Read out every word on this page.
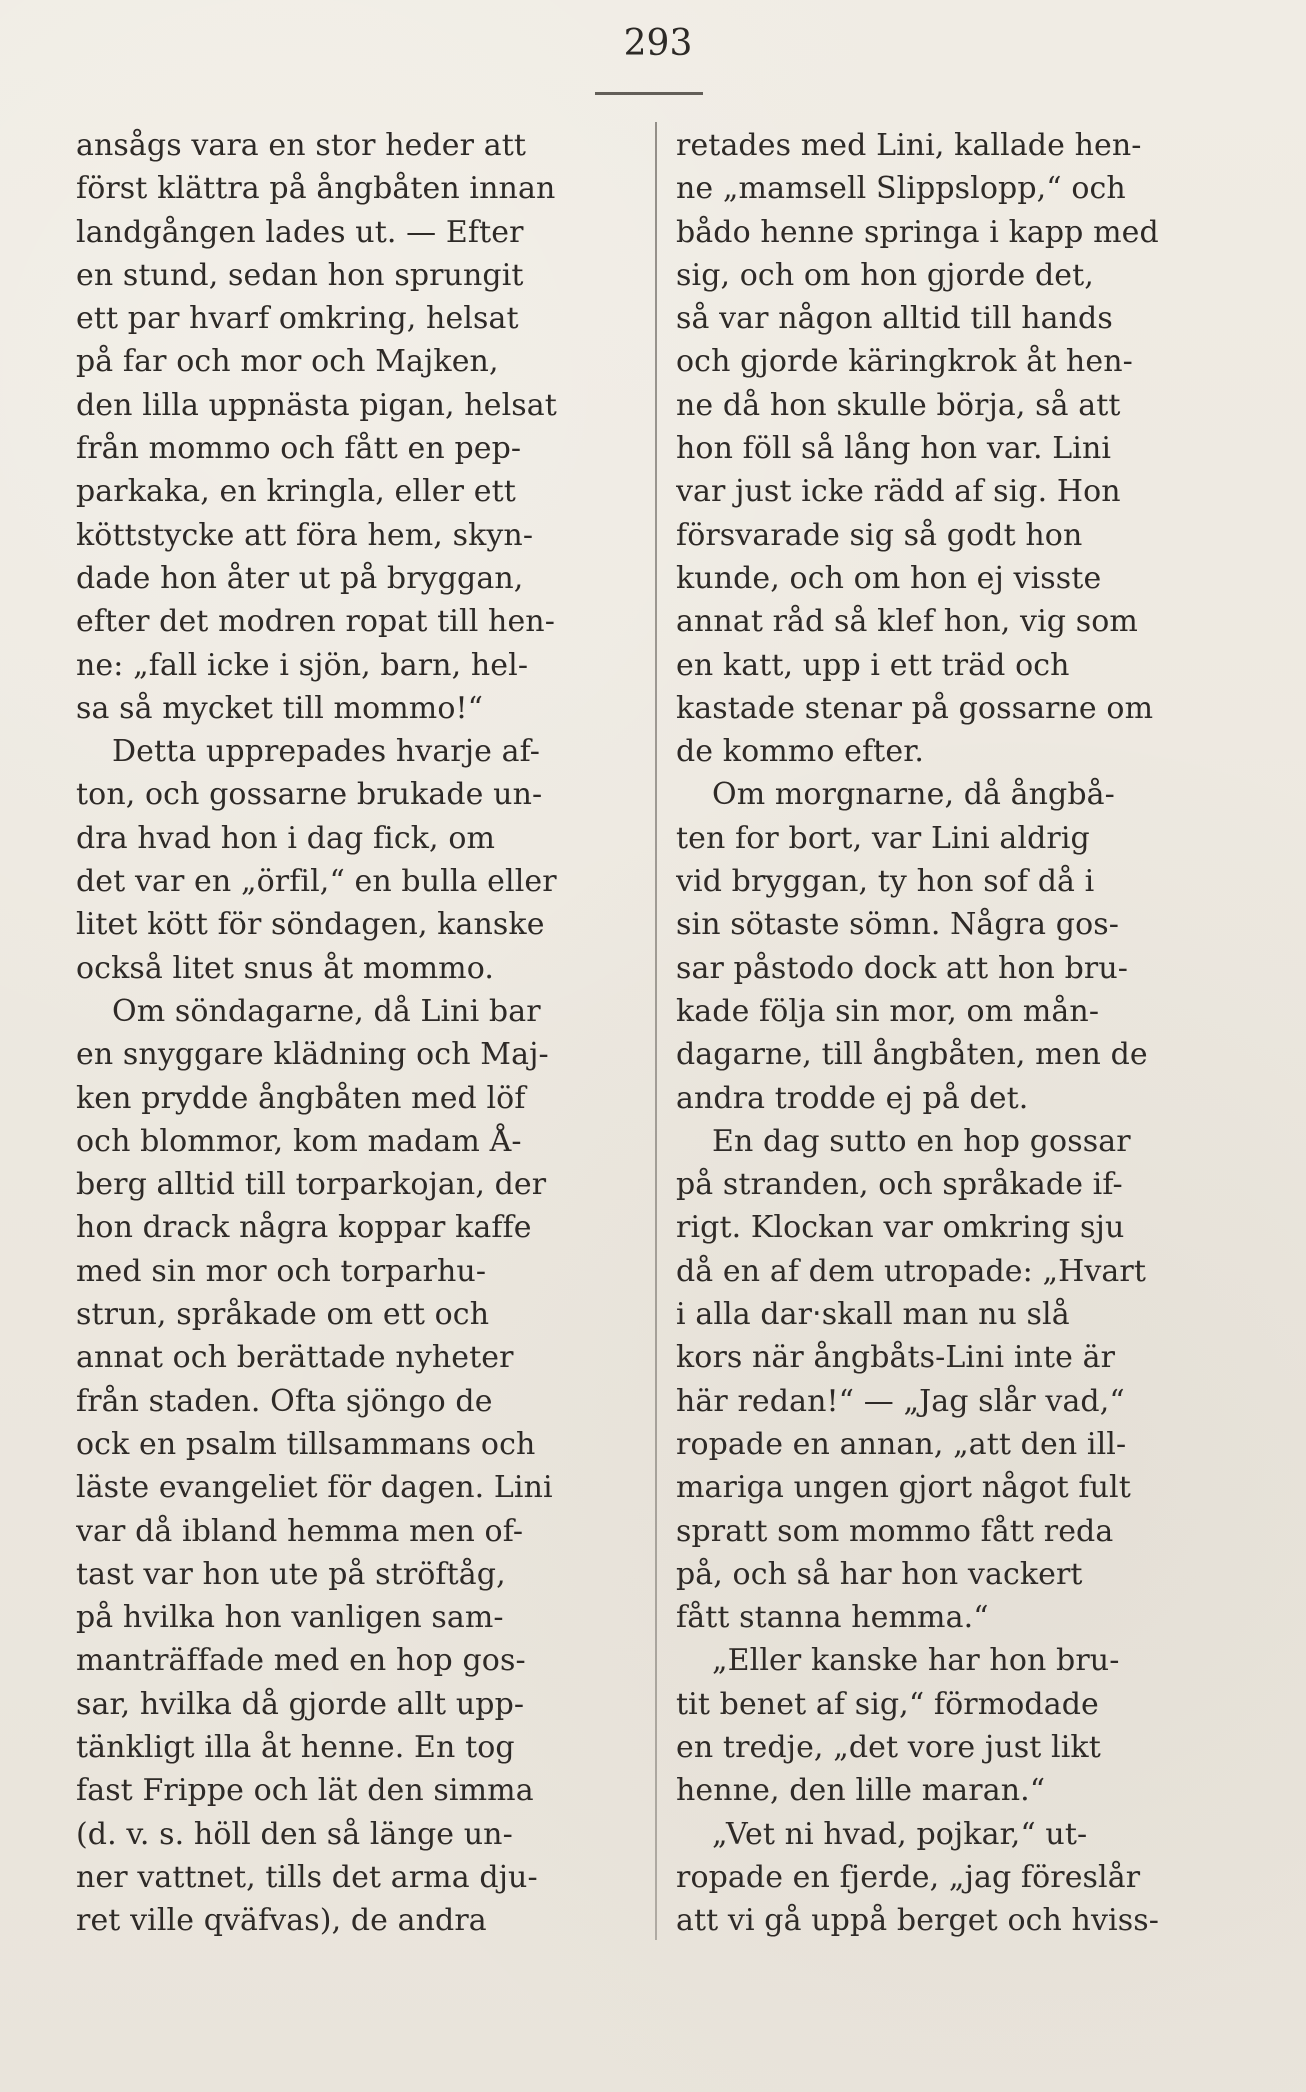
293
ansågs vara en stor heder att
först klättra på ångbåten innan
landgången lades ut. — Efter
en stund, sedan hon sprungit
ett par hvarf omkring, helsat
på far och mor och Majken,
den lilla uppnästa pigan, helsat
från mommo och fått en pep-
parkaka, en kringla, eller ett
köttstycke att föra hem, skyn-
dade hon åter ut på bryggan,
efter det modren ropat till hen-
ne: „fall icke i sjön, barn, hel-
sa så mycket till mommo!“
Detta upprepades hvarje af-
ton, och gossarne brukade un-
dra hvad hon i dag fick, om
det var en „örfil,“ en bulla eller
litet kött för söndagen, kanske
också litet snus åt mommo.
Om söndagarne, då Lini bar
en snyggare klädning och Maj-
ken prydde ångbåten med löf
och blommor, kom madam Å-
berg alltid till torparkojan, der
hon drack några koppar kaffe
med sin mor och torparhu-
strun, språkade om ett och
annat och berättade nyheter
från staden. Ofta sjöngo de
ock en psalm tillsammans och
läste evangeliet för dagen. Lini
var då ibland hemma men of-
tast var hon ute på ströftåg,
på hvilka hon vanligen sam-
manträffade med en hop gos-
sar, hvilka då gjorde allt upp-
tänkligt illa åt henne. En tog
fast Frippe och lät den simma
(d. v. s. höll den så länge un-
ner vattnet, tills det arma dju-
ret ville qväfvas), de andra
retades med Lini, kallade hen-
ne „mamsell Slippslopp,“ och
bådo henne springa i kapp med
sig, och om hon gjorde det,
så var någon alltid till hands
och gjorde käringkrok åt hen-
ne då hon skulle börja, så att
hon föll så lång hon var. Lini
var just icke rädd af sig. Hon
försvarade sig så godt hon
kunde, och om hon ej visste
annat råd så klef hon, vig som
en katt, upp i ett träd och
kastade stenar på gossarne om
de kommo efter.
Om morgnarne, då ångbå-
ten for bort, var Lini aldrig
vid bryggan, ty hon sof då i
sin sötaste sömn. Några gos-
sar påstodo dock att hon bru-
kade följa sin mor, om mån-
dagarne, till ångbåten, men de
andra trodde ej på det.
En dag sutto en hop gossar
på stranden, och språkade if-
rigt. Klockan var omkring sju
då en af dem utropade: „Hvart
i alla dar‧skall man nu slå
kors när ångbåts-Lini inte är
här redan!“ — „Jag slår vad,“
ropade en annan, „att den ill-
mariga ungen gjort något fult
spratt som mommo fått reda
på, och så har hon vackert
fått stanna hemma.“
„Eller kanske har hon bru-
tit benet af sig,“ förmodade
en tredje, „det vore just likt
henne, den lille maran.“
„Vet ni hvad, pojkar,“ ut-
ropade en fjerde, „jag föreslår
att vi gå uppå berget och hviss-
